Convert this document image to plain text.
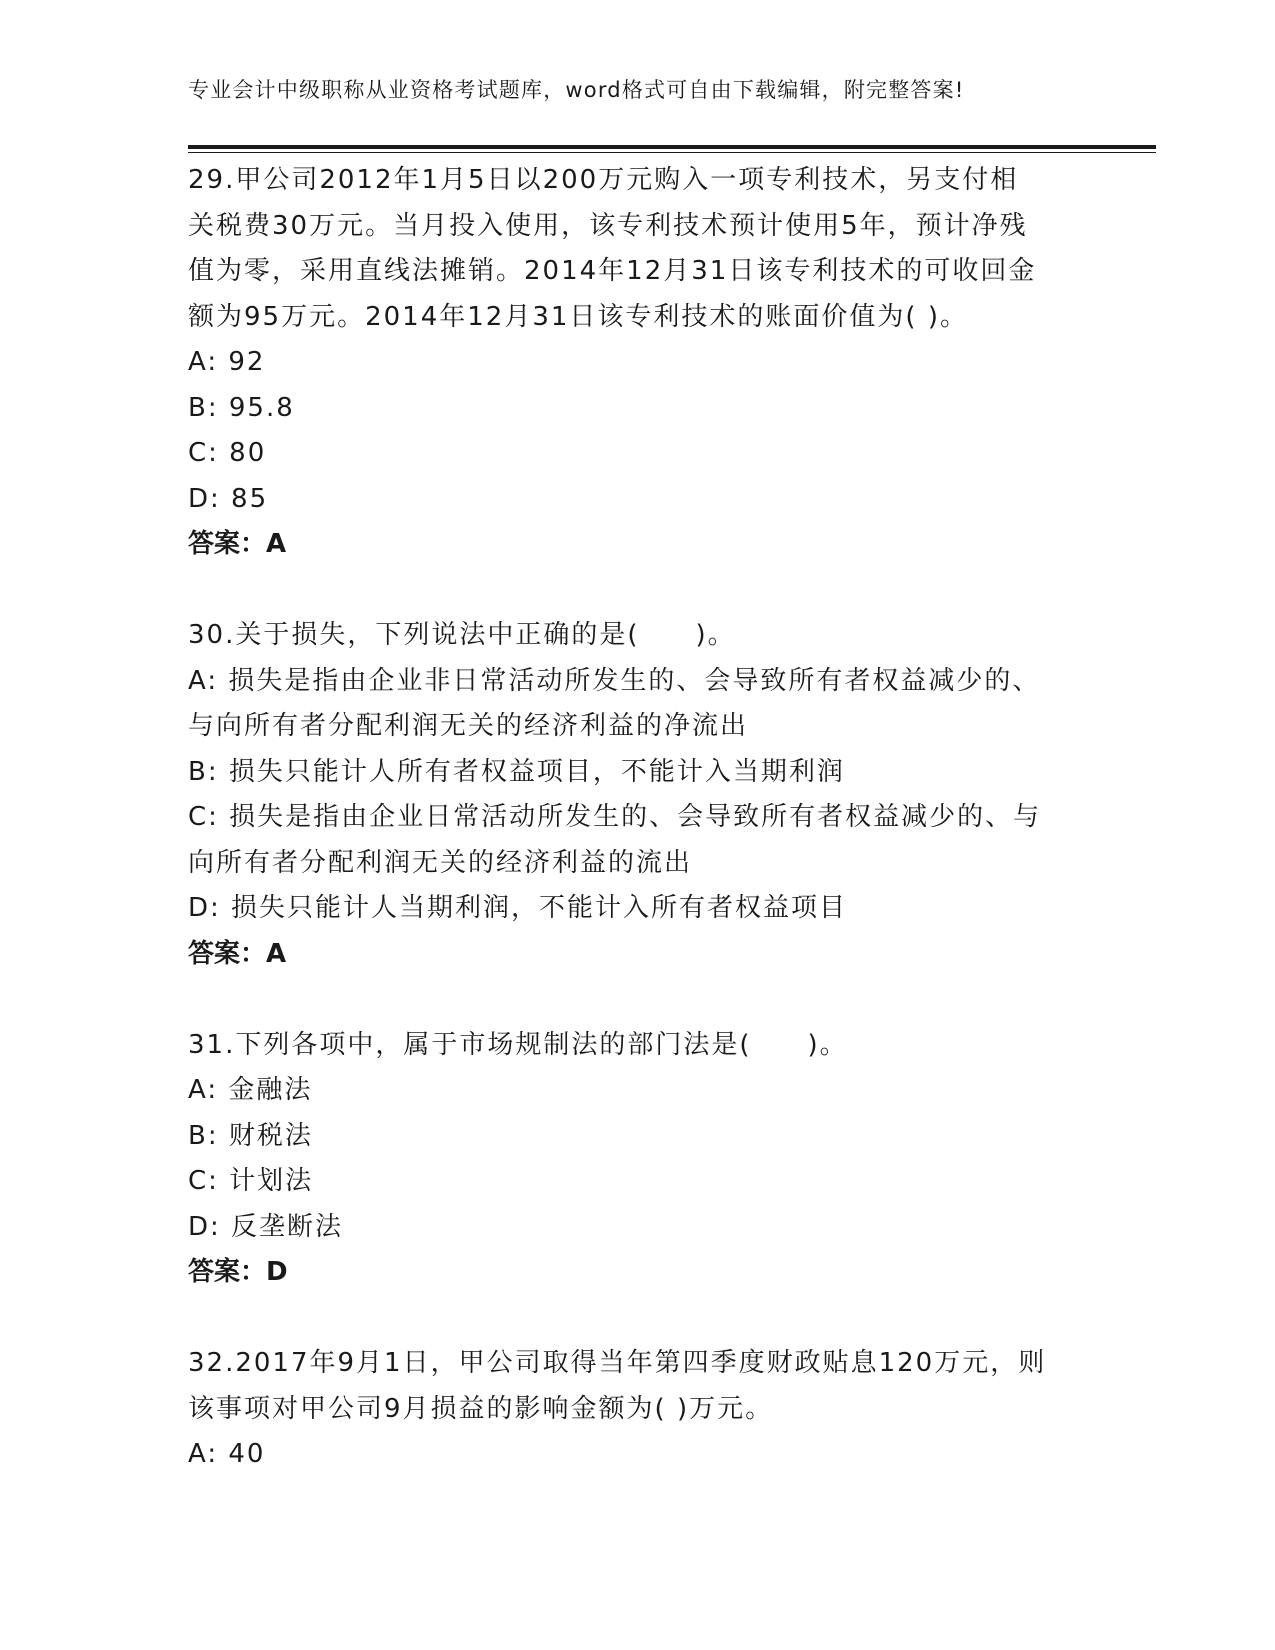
专业会计中级职称从业资格考试题库，word格式可自由下载编辑，附完整答案!
29.甲公司2012年1月5日以200万元购入一项专利技术，另支付相
关税费30万元。当月投入使用，该专利技术预计使用5年，预计净残
值为零，采用直线法摊销。2014年12月31日该专利技术的可收回金
额为95万元。2014年12月31日该专利技术的账面价值为( )。
A: 92
B: 95.8
C: 80
D: 85
答案：A
30.关于损失，下列说法中正确的是(　　)。
A: 损失是指由企业非日常活动所发生的、会导致所有者权益减少的、
与向所有者分配利润无关的经济利益的净流出
B: 损失只能计人所有者权益项目，不能计入当期利润
C: 损失是指由企业日常活动所发生的、会导致所有者权益减少的、与
向所有者分配利润无关的经济利益的流出
D: 损失只能计人当期利润，不能计入所有者权益项目
答案：A
31.下列各项中，属于市场规制法的部门法是(　　)。
A: 金融法
B: 财税法
C: 计划法
D: 反垄断法
答案：D
32.2017年9月1日，甲公司取得当年第四季度财政贴息120万元，则
该事项对甲公司9月损益的影响金额为( )万元。
A: 40
